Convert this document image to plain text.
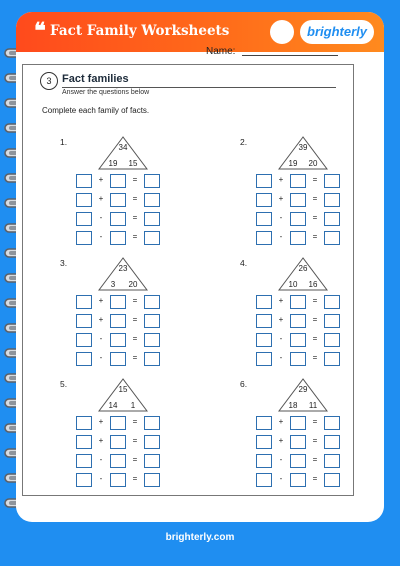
❝ Fact Family Worksheets	brighterly
Name:
3 Fact families
Answer the questions below
Complete each family of facts.
1.
34
19	15
+	=
+	=
-	=
-	=
2.
39
19	20
+	=
+	=
-	=
-	=
3.
23
3	20
+	=
+	=
-	=
-	=
4.
26
10	16
+	=
+	=
-	=
-	=
5.
15
14	1
+	=
+	=
-	=
-	=
6.
29
18	11
+	=
+	=
-	=
-	=
brighterly.com
